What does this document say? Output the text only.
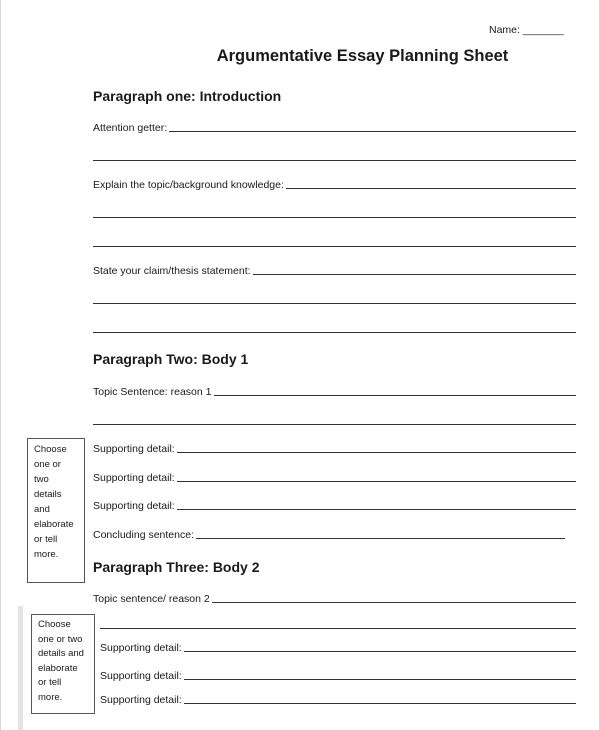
Name: _______
Argumentative Essay Planning Sheet
Paragraph one: Introduction
Attention getter:
Explain the topic/background knowledge:
State your claim/thesis statement:
Paragraph Two: Body 1
Topic Sentence: reason 1
Supporting detail:
Supporting detail:
Supporting detail:
Concluding sentence:
Choose
one or
two
details
and
elaborate
or tell
more.
Paragraph Three: Body 2
Topic sentence/ reason 2
Supporting detail:
Supporting detail:
Supporting detail:
Choose
one or two
details and
elaborate
or tell
more.
